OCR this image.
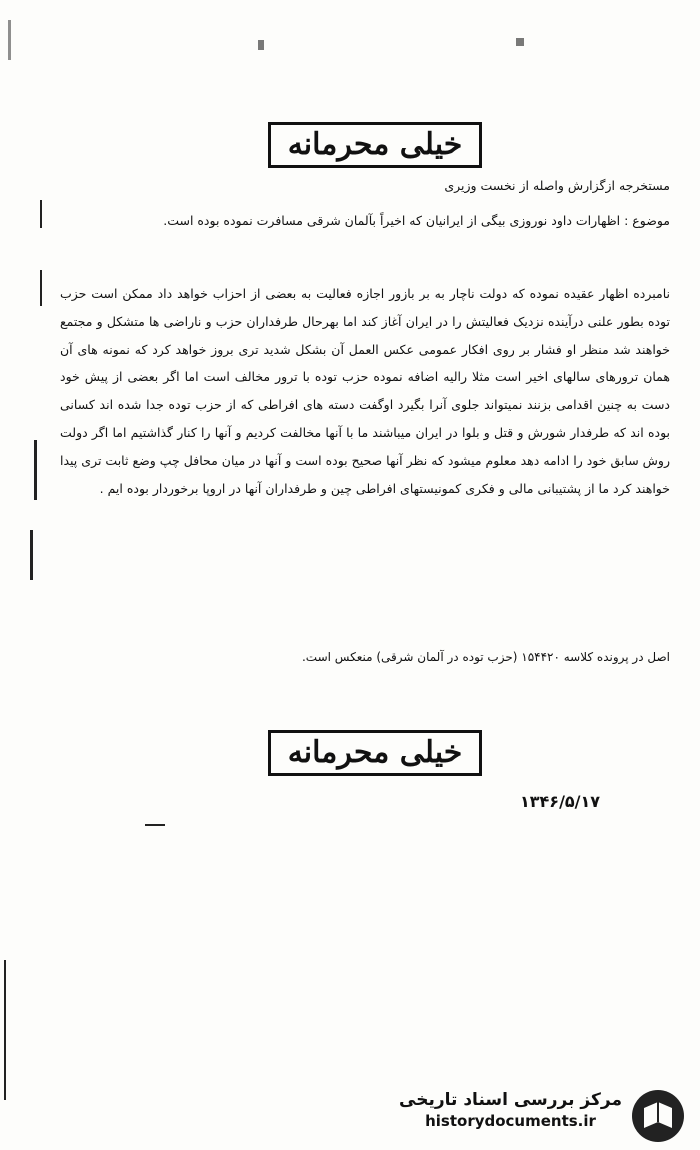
خیلی محرمانه
مستخرجه ازگزارش واصله از نخست وزیری
موضوع : اظهارات داود نوروزی بیگی از ایرانیان که اخیراً بآلمان شرقی مسافرت نموده بوده است.
نامبرده اظهار عقیده نموده که دولت ناچار به بر بازور اجازه فعالیت به بعضی از احزاب خواهد داد ممکن است حزب توده بطور علنی درآینده نزدیک فعالیتش را در ایران آغاز کند اما بهرحال طرفداران حزب و ناراضی ها متشکل و مجتمع خواهند شد منظر او فشار بر روی افکار عمومی عکس العمل آن بشکل شدید تری بروز خواهد کرد که نمونه های آن همان ترورهای سالهای اخیر است مثلا رالیه اضافه نموده حزب توده با ترور مخالف است اما اگر بعضی از پیش خود دست به چنین اقدامی بزنند نمیتواند جلوی آنرا بگیرد اوگفت دسته های افراطی که از حزب توده جدا شده اند کسانی بوده اند که طرفدار شورش و قتل و بلوا در ایران میباشند ما با آنها مخالفت کردیم و آنها را کنار گذاشتیم اما اگر دولت روش سابق خود را ادامه دهد معلوم میشود که نظر آنها صحیح بوده است و آنها در میان محافل چپ وضع ثابت تری پیدا خواهند کرد ما از پشتیبانی مالی و فکری کمونیستهای افراطی چین و طرفداران آنها در اروپا برخوردار بوده ایم .
اصل در پرونده کلاسه ۱۵۴۴۲۰ (حزب توده در آلمان شرقی) منعکس است.
خیلی محرمانه
۱۳۴۶/۵/۱۷
مرکز بررسی اسناد تاریخی
historydocuments.ir
